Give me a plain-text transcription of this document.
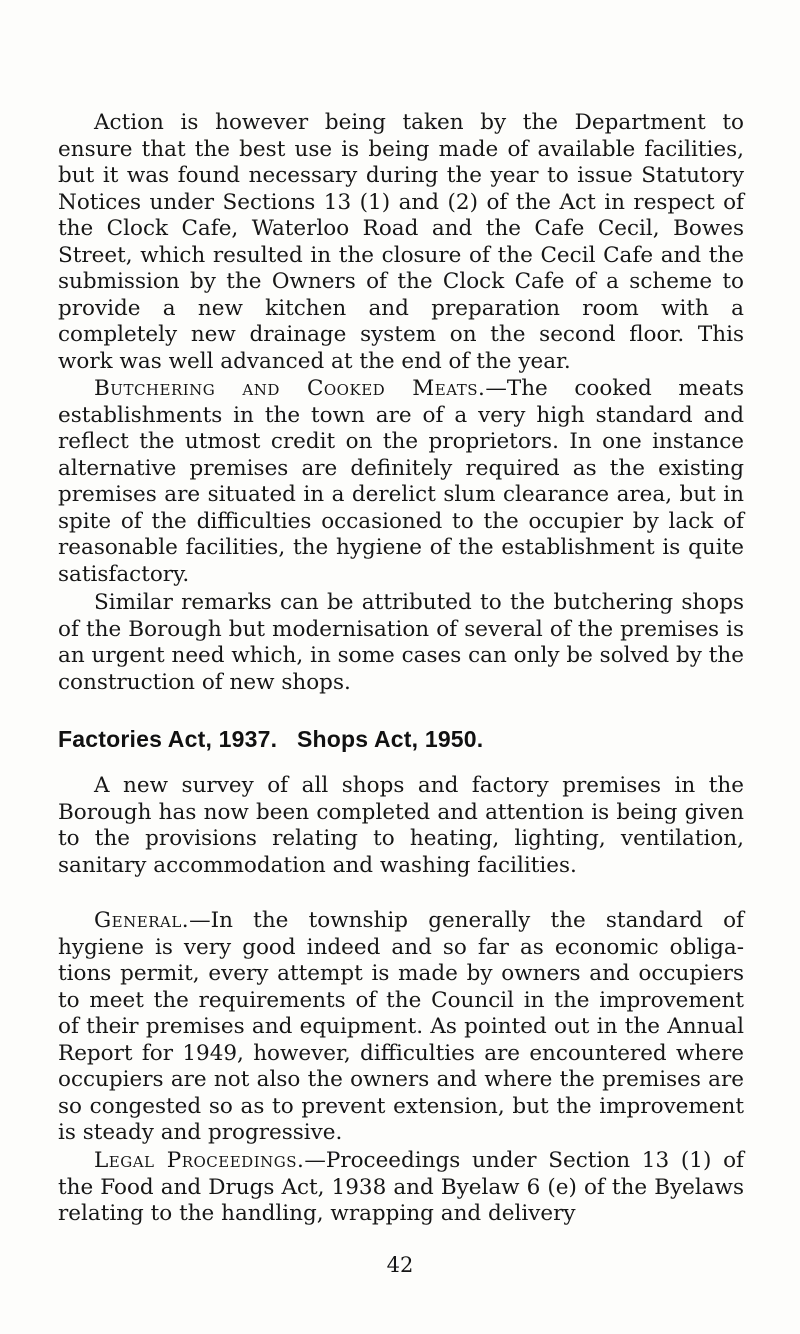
Action is however being taken by the Department to ensure that the best use is being made of available facilities, but it was found necessary during the year to issue Statutory Notices under Sections 13 (1) and (2) of the Act in respect of the Clock Cafe, Waterloo Road and the Cafe Cecil, Bowes Street, which resulted in the closure of the Cecil Cafe and the submission by the Owners of the Clock Cafe of a scheme to provide a new kitchen and preparation room with a completely new drainage system on the second floor. This work was well advanced at the end of the year.

Butchering and Cooked Meats.—The cooked meats establishments in the town are of a very high standard and reflect the utmost credit on the proprietors. In one instance alternative premises are definitely required as the existing premises are situated in a derelict slum clearance area, but in spite of the difficulties occasioned to the occupier by lack of reasonable facilities, the hygiene of the establishment is quite satisfactory.

Similar remarks can be attributed to the butchering shops of the Borough but modernisation of several of the premises is an urgent need which, in some cases can only be solved by the construction of new shops.

Factories Act, 1937.   Shops Act, 1950.

A new survey of all shops and factory premises in the Borough has now been completed and attention is being given to the provisions relating to heating, lighting, ventilation, sanitary accommodation and washing facilities.

General.—In the township generally the standard of hygiene is very good indeed and so far as economic obliga-tions permit, every attempt is made by owners and occupiers to meet the requirements of the Council in the improvement of their premises and equipment. As pointed out in the Annual Report for 1949, however, difficulties are encountered where occupiers are not also the owners and where the premises are so congested so as to prevent extension, but the improvement is steady and progressive.

Legal Proceedings.—Proceedings under Section 13 (1) of the Food and Drugs Act, 1938 and Byelaw 6 (e) of the Byelaws relating to the handling, wrapping and delivery

42
